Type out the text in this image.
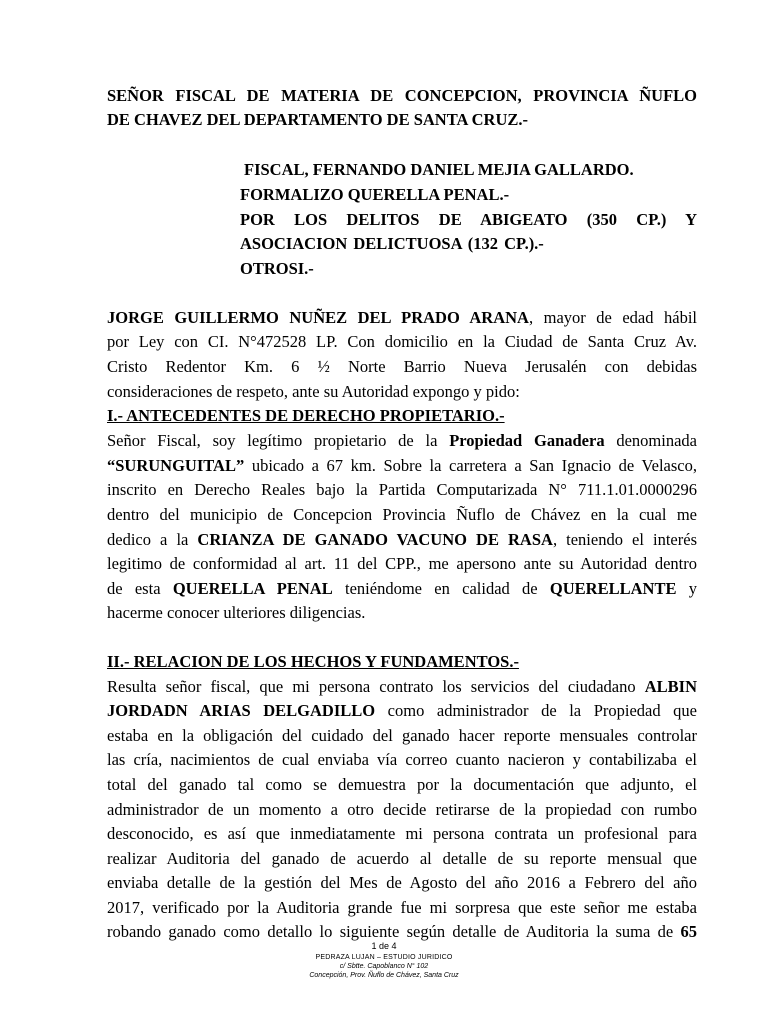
SEÑOR FISCAL DE MATERIA DE CONCEPCION, PROVINCIA ÑUFLO
DE CHAVEZ DEL DEPARTAMENTO DE SANTA CRUZ.-
FISCAL, FERNANDO DANIEL MEJIA GALLARDO.
FORMALIZO QUERELLA PENAL.-
POR LOS DELITOS DE ABIGEATO (350 CP.) Y
ASOCIACION DELICTUOSA (132 CP.).-
OTROSI.-
JORGE GUILLERMO NUÑEZ DEL PRADO ARANA, mayor de edad hábil
por Ley con CI. N°472528 LP. Con domicilio en la Ciudad de Santa Cruz Av.
Cristo Redentor Km. 6 ½ Norte Barrio Nueva Jerusalén con debidas
consideraciones de respeto, ante su Autoridad expongo y pido:
I.- ANTECEDENTES DE DERECHO PROPIETARIO.-
Señor Fiscal, soy legítimo propietario de la Propiedad Ganadera denominada
“SURUNGUITAL” ubicado a 67 km. Sobre la carretera a San Ignacio de Velasco,
inscrito en Derecho Reales bajo la Partida Computarizada N° 711.1.01.0000296
dentro del municipio de Concepcion Provincia Ñuflo de Chávez en la cual me
dedico a la CRIANZA DE GANADO VACUNO DE RASA, teniendo el interés
legitimo de conformidad al art. 11 del CPP., me apersono ante su Autoridad dentro
de esta QUERELLA PENAL teniéndome en calidad de QUERELLANTE y
hacerme conocer ulteriores diligencias.
II.- RELACION DE LOS HECHOS Y FUNDAMENTOS.-
Resulta señor fiscal, que mi persona contrato los servicios del ciudadano ALBIN
JORDADN ARIAS DELGADILLO como administrador de la Propiedad que
estaba en la obligación del cuidado del ganado hacer reporte mensuales controlar
las cría, nacimientos de cual enviaba vía correo cuanto nacieron y contabilizaba el
total del ganado tal como se demuestra por la documentación que adjunto, el
administrador de un momento a otro decide retirarse de la propiedad con rumbo
desconocido, es así que inmediatamente mi persona contrata un profesional para
realizar Auditoria del ganado de acuerdo al detalle de su reporte mensual que
enviaba detalle de la gestión del Mes de Agosto del año 2016 a Febrero del año
2017, verificado por la Auditoria grande fue mi sorpresa que este señor me estaba
robando ganado como detallo lo siguiente según detalle de Auditoria la suma de 65
1 de 4
PEDRAZA LUJAN – ESTUDIO JURIDICO
c/ Sbtte. Capoblanco N° 102
Concepción, Prov. Ñuflo de Chávez, Santa Cruz
